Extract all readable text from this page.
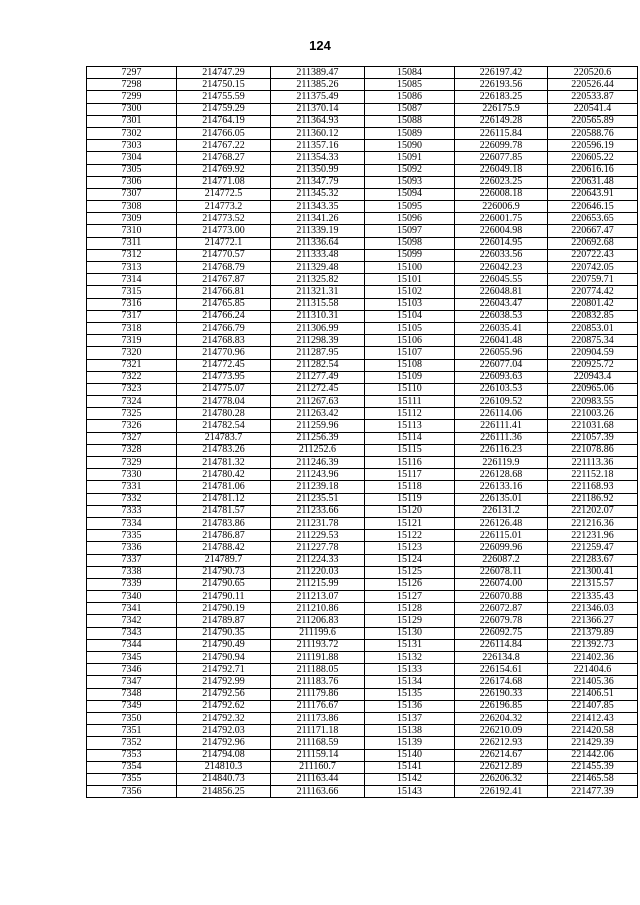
124
7297	214747.29	211389.47	15084	226197.42	220520.6
7298	214750.15	211385.26	15085	226193.56	220526.44
7299	214755.59	211375.49	15086	226183.25	220533.87
7300	214759.29	211370.14	15087	226175.9	220541.4
7301	214764.19	211364.93	15088	226149.28	220565.89
7302	214766.05	211360.12	15089	226115.84	220588.76
7303	214767.22	211357.16	15090	226099.78	220596.19
7304	214768.27	211354.33	15091	226077.85	220605.22
7305	214769.92	211350.99	15092	226049.18	220616.16
7306	214771.08	211347.79	15093	226023.25	220631.48
7307	214772.5	211345.32	15094	226008.18	220643.91
7308	214773.2	211343.35	15095	226006.9	220646.15
7309	214773.52	211341.26	15096	226001.75	220653.65
7310	214773.00	211339.19	15097	226004.98	220667.47
7311	214772.1	211336.64	15098	226014.95	220692.68
7312	214770.57	211333.48	15099	226033.56	220722.43
7313	214768.79	211329.48	15100	226042.23	220742.05
7314	214767.87	211325.82	15101	226045.55	220759.71
7315	214766.81	211321.31	15102	226048.81	220774.42
7316	214765.85	211315.58	15103	226043.47	220801.42
7317	214766.24	211310.31	15104	226038.53	220832.85
7318	214766.79	211306.99	15105	226035.41	220853.01
7319	214768.83	211298.39	15106	226041.48	220875.34
7320	214770.96	211287.95	15107	226055.96	220904.59
7321	214772.45	211282.54	15108	226077.04	220925.72
7322	214773.95	211277.49	15109	226093.63	220943.4
7323	214775.07	211272.45	15110	226103.53	220965.06
7324	214778.04	211267.63	15111	226109.52	220983.55
7325	214780.28	211263.42	15112	226114.06	221003.26
7326	214782.54	211259.96	15113	226111.41	221031.68
7327	214783.7	211256.39	15114	226111.36	221057.39
7328	214783.26	211252.6	15115	226116.23	221078.86
7329	214781.32	211246.39	15116	226119.9	221113.36
7330	214780.42	211243.96	15117	226128.68	221152.18
7331	214781.06	211239.18	15118	226133.16	221168.93
7332	214781.12	211235.51	15119	226135.01	221186.92
7333	214781.57	211233.66	15120	226131.2	221202.07
7334	214783.86	211231.78	15121	226126.48	221216.36
7335	214786.87	211229.53	15122	226115.01	221231.96
7336	214788.42	211227.78	15123	226099.96	221259.47
7337	214789.7	211224.33	15124	226087.2	221283.67
7338	214790.73	211220.03	15125	226078.11	221300.41
7339	214790.65	211215.99	15126	226074.00	221315.57
7340	214790.11	211213.07	15127	226070.88	221335.43
7341	214790.19	211210.86	15128	226072.87	221346.03
7342	214789.87	211206.83	15129	226079.78	221366.27
7343	214790.35	211199.6	15130	226092.75	221379.89
7344	214790.49	211193.72	15131	226114.84	221392.73
7345	214790.94	211191.88	15132	226134.8	221402.36
7346	214792.71	211188.05	15133	226154.61	221404.6
7347	214792.99	211183.76	15134	226174.68	221405.36
7348	214792.56	211179.86	15135	226190.33	221406.51
7349	214792.62	211176.67	15136	226196.85	221407.85
7350	214792.32	211173.86	15137	226204.32	221412.43
7351	214792.03	211171.18	15138	226210.09	221420.58
7352	214792.96	211168.59	15139	226212.93	221429.39
7353	214794.08	211159.14	15140	226214.67	221442.06
7354	214810.3	211160.7	15141	226212.89	221455.39
7355	214840.73	211163.44	15142	226206.32	221465.58
7356	214856.25	211163.66	15143	226192.41	221477.39
